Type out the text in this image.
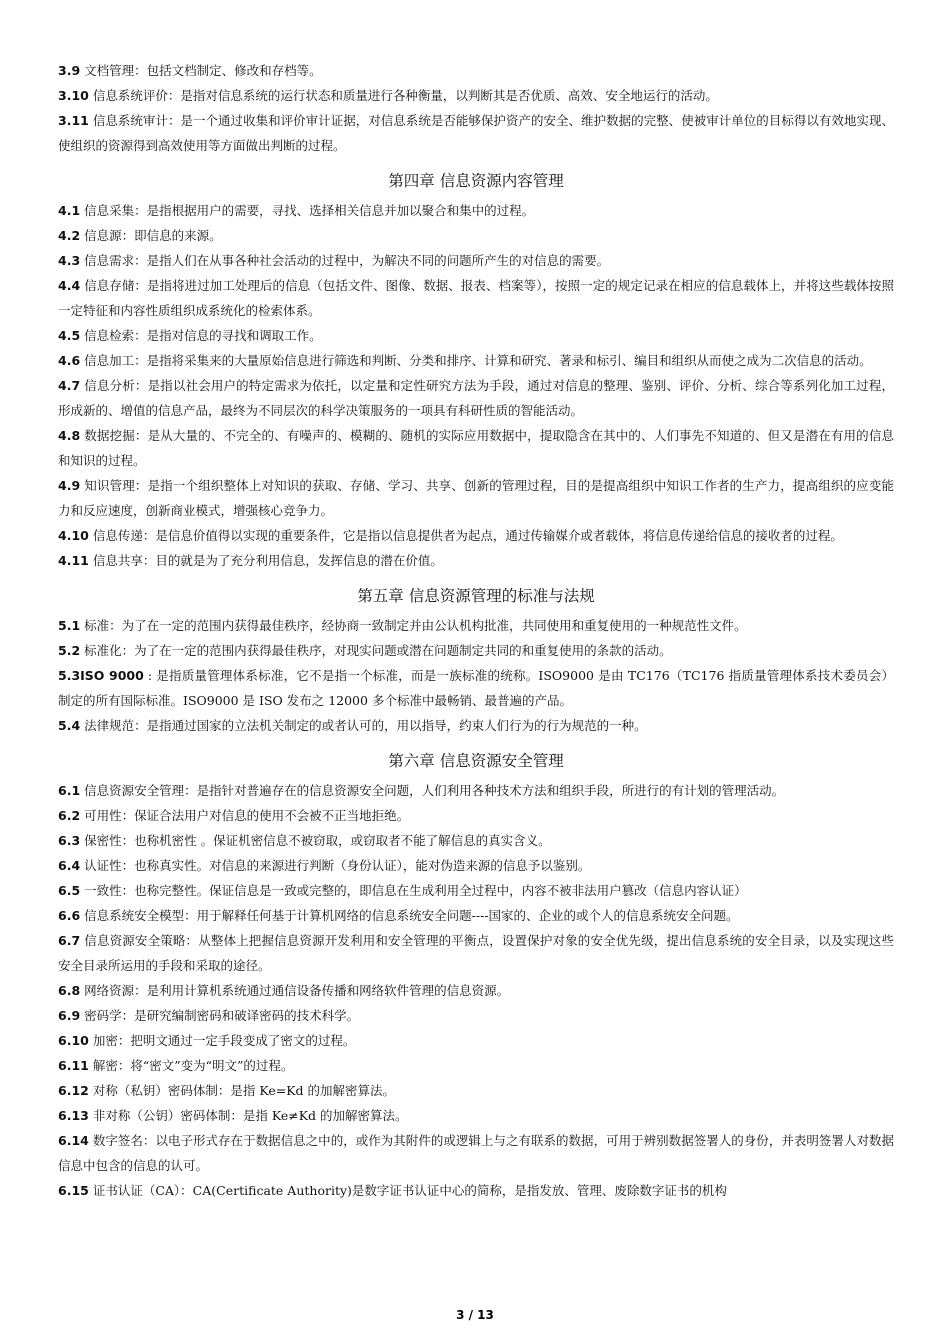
3.9 文档管理：包括文档制定、修改和存档等。

3.10 信息系统评价：是指对信息系统的运行状态和质量进行各种衡量，以判断其是否优质、高效、安全地运行的活动。

3.11 信息系统审计：是一个通过收集和评价审计证据，对信息系统是否能够保护资产的安全、维护数据的完整、使被审计单位的目标得以有效地实现、使组织的资源得到高效使用等方面做出判断的过程。

第四章 信息资源内容管理

4.1 信息采集：是指根据用户的需要，寻找、选择相关信息并加以聚合和集中的过程。

4.2 信息源：即信息的来源。

4.3 信息需求：是指人们在从事各种社会活动的过程中，为解决不同的问题所产生的对信息的需要。

4.4 信息存储：是指将进过加工处理后的信息（包括文件、图像、数据、报表、档案等），按照一定的规定记录在相应的信息载体上，并将这些载体按照一定特征和内容性质组织成系统化的检索体系。

4.5 信息检索：是指对信息的寻找和调取工作。

4.6 信息加工：是指将采集来的大量原始信息进行筛选和判断、分类和排序、计算和研究、著录和标引、编目和组织从而使之成为二次信息的活动。

4.7 信息分析：是指以社会用户的特定需求为依托，以定量和定性研究方法为手段，通过对信息的整理、鉴别、评价、分析、综合等系列化加工过程，形成新的、增值的信息产品，最终为不同层次的科学决策服务的一项具有科研性质的智能活动。

4.8 数据挖掘：是从大量的、不完全的、有噪声的、模糊的、随机的实际应用数据中，提取隐含在其中的、人们事先不知道的、但又是潜在有用的信息和知识的过程。

4.9 知识管理：是指一个组织整体上对知识的获取、存储、学习、共享、创新的管理过程，目的是提高组织中知识工作者的生产力，提高组织的应变能力和反应速度，创新商业模式，增强核心竞争力。

4.10 信息传递：是信息价值得以实现的重要条件，它是指以信息提供者为起点，通过传输媒介或者载体，将信息传递给信息的接收者的过程。

4.11 信息共享：目的就是为了充分利用信息，发挥信息的潜在价值。

第五章 信息资源管理的标准与法规

5.1 标准：为了在一定的范围内获得最佳秩序，经协商一致制定并由公认机构批准，共同使用和重复使用的一种规范性文件。

5.2 标准化：为了在一定的范围内获得最佳秩序，对现实问题或潜在问题制定共同的和重复使用的条款的活动。

5.3ISO 9000 : 是指质量管理体系标准，它不是指一个标准，而是一族标准的统称。ISO9000 是由 TC176（TC176 指质量管理体系技术委员会）制定的所有国际标准。ISO9000 是 ISO 发布之 12000 多个标准中最畅销、最普遍的产品。

5.4 法律规范：是指通过国家的立法机关制定的或者认可的，用以指导，约束人们行为的行为规范的一种。

第六章 信息资源安全管理

6.1 信息资源安全管理：是指针对普遍存在的信息资源安全问题，人们利用各种技术方法和组织手段，所进行的有计划的管理活动。

6.2 可用性：保证合法用户对信息的使用不会被不正当地拒绝。

6.3 保密性：也称机密性 。保证机密信息不被窃取，或窃取者不能了解信息的真实含义。

6.4 认证性：也称真实性。对信息的来源进行判断（身份认证），能对伪造来源的信息予以鉴别。

6.5 一致性：也称完整性。保证信息是一致或完整的，即信息在生成利用全过程中，内容不被非法用户篡改（信息内容认证）

6.6 信息系统安全模型：用于解释任何基于计算机网络的信息系统安全问题----国家的、企业的或个人的信息系统安全问题。

6.7 信息资源安全策略：从整体上把握信息资源开发利用和安全管理的平衡点，设置保护对象的安全优先级，提出信息系统的安全目录，以及实现这些安全目录所运用的手段和采取的途径。

6.8 网络资源：是利用计算机系统通过通信设备传播和网络软件管理的信息资源。

6.9 密码学：是研究编制密码和破译密码的技术科学。

6.10 加密：把明文通过一定手段变成了密文的过程。

6.11 解密：将“密文”变为“明文”的过程。

6.12 对称（私钥）密码体制：是指 Ke=Kd 的加解密算法。

6.13 非对称（公钥）密码体制：是指 Ke≠Kd 的加解密算法。

6.14 数字签名：以电子形式存在于数据信息之中的，或作为其附件的或逻辑上与之有联系的数据，可用于辨别数据签署人的身份，并表明签署人对数据信息中包含的信息的认可。

6.15 证书认证（CA）：CA(Certificate Authority)是数字证书认证中心的简称，是指发放、管理、废除数字证书的机构

3 / 13
